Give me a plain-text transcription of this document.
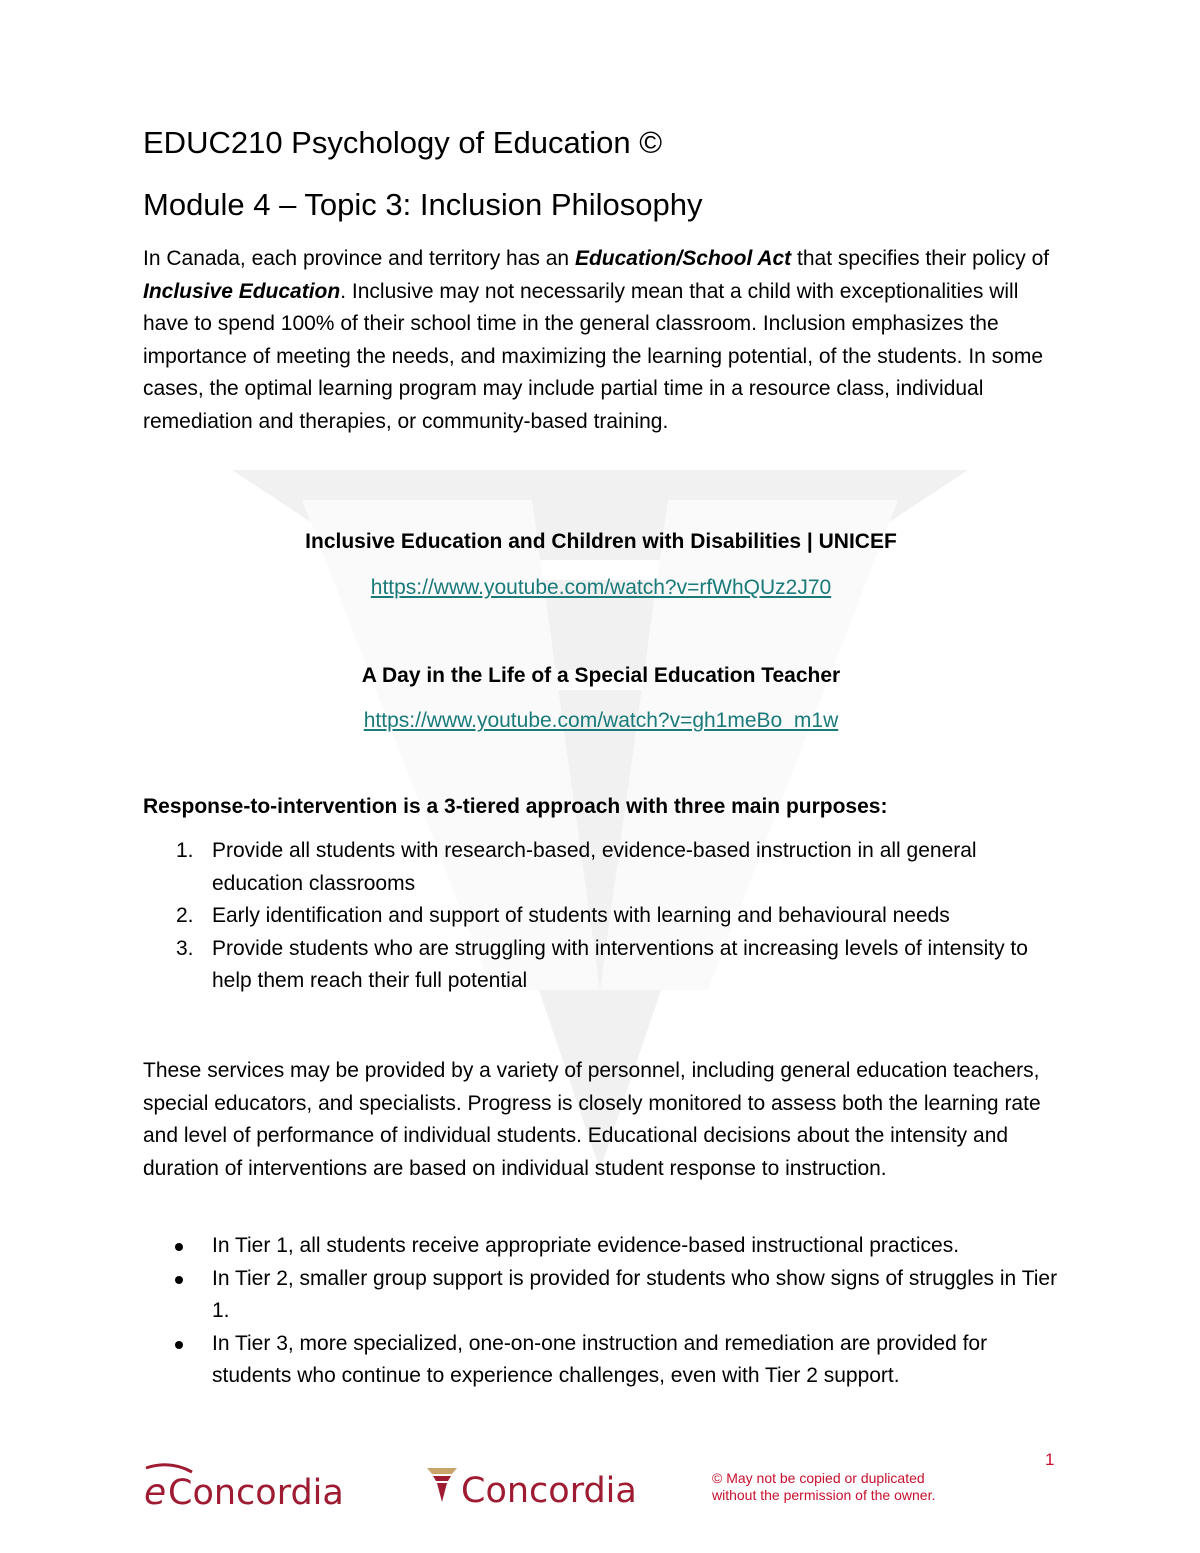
EDUC210 Psychology of Education ©
Module 4 – Topic 3: Inclusion Philosophy
In Canada, each province and territory has an Education/School Act that specifies their policy of Inclusive Education. Inclusive may not necessarily mean that a child with exceptionalities will have to spend 100% of their school time in the general classroom. Inclusion emphasizes the importance of meeting the needs, and maximizing the learning potential, of the students. In some cases, the optimal learning program may include partial time in a resource class, individual remediation and therapies, or community-based training.
Inclusive Education and Children with Disabilities | UNICEF
https://www.youtube.com/watch?v=rfWhQUz2J70
A Day in the Life of a Special Education Teacher
https://www.youtube.com/watch?v=gh1meBo_m1w
Response-to-intervention is a 3-tiered approach with three main purposes:
1. Provide all students with research-based, evidence-based instruction in all general education classrooms
2. Early identification and support of students with learning and behavioural needs
3. Provide students who are struggling with interventions at increasing levels of intensity to help them reach their full potential
These services may be provided by a variety of personnel, including general education teachers, special educators, and specialists. Progress is closely monitored to assess both the learning rate and level of performance of individual students. Educational decisions about the intensity and duration of interventions are based on individual student response to instruction.
In Tier 1, all students receive appropriate evidence-based instructional practices.
In Tier 2, smaller group support is provided for students who show signs of struggles in Tier 1.
In Tier 3, more specialized, one-on-one instruction and remediation are provided for students who continue to experience challenges, even with Tier 2 support.
1
e Concordia	Concordia	© May not be copied or duplicated
without the permission of the owner.
